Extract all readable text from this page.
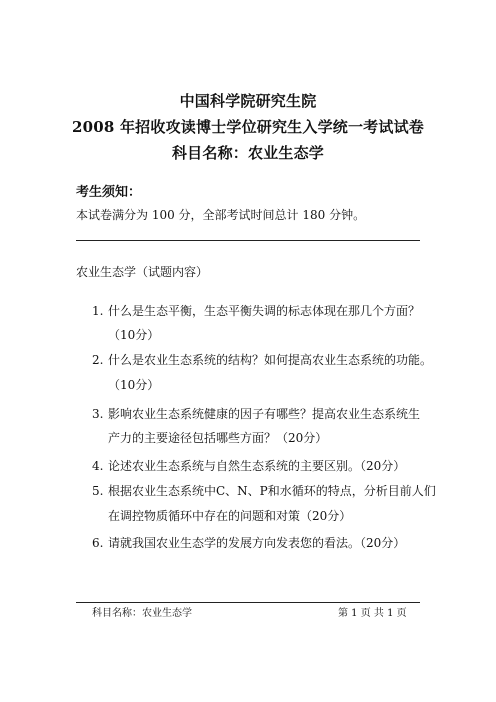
中国科学院研究生院
2008 年招收攻读博士学位研究生入学统一考试试卷
科目名称：农业生态学
考生须知：
本试卷满分为 100 分，全部考试时间总计 180 分钟。
农业生态学（试题内容）
1. 什么是生态平衡，生态平衡失调的标志体现在那几个方面？
（10分）
2. 什么是农业生态系统的结构？如何提高农业生态系统的功能。
（10分）
3. 影响农业生态系统健康的因子有哪些？提高农业生态系统生
产力的主要途径包括哪些方面？（20分）
4. 论述农业生态系统与自然生态系统的主要区别。（20分）
5. 根据农业生态系统中C、N、P和水循环的特点，分析目前人们
在调控物质循环中存在的问题和对策（20分）
6. 请就我国农业生态学的发展方向发表您的看法。（20分）
科目名称：农业生态学	第 1 页 共 1 页
